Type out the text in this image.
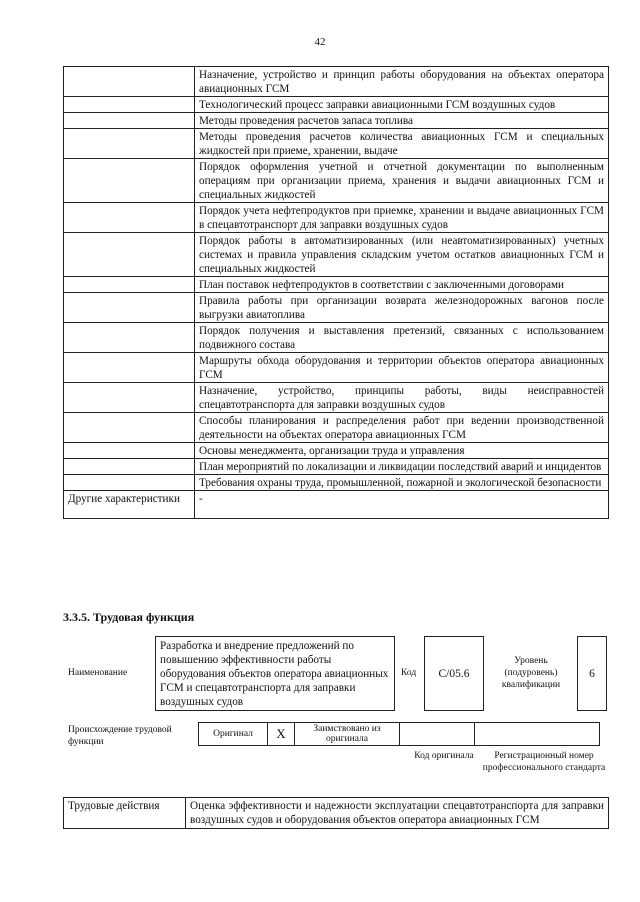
42
	Назначение, устройство и принцип работы оборудования на объектах оператора авиационных ГСМ
	Технологический процесс заправки авиационными ГСМ воздушных судов
	Методы проведения расчетов запаса топлива
	Методы проведения расчетов количества авиационных ГСМ и специальных жидкостей при приеме, хранении, выдаче
	Порядок оформления учетной и отчетной документации по выполненным операциям при организации приема, хранения и выдачи авиационных ГСМ и специальных жидкостей
	Порядок учета нефтепродуктов при приемке, хранении и выдаче авиационных ГСМ в спецавтотранспорт для заправки воздушных судов
	Порядок работы в автоматизированных (или неавтоматизированных) учетных системах и правила управления складским учетом остатков авиационных ГСМ и специальных жидкостей
	План поставок нефтепродуктов в соответствии с заключенными договорами
	Правила работы при организации возврата железнодорожных вагонов после выгрузки авиатоплива
	Порядок получения и выставления претензий, связанных с использованием подвижного состава
	Маршруты обхода оборудования и территории объектов оператора авиационных ГСМ
	Назначение, устройство, принципы работы, виды неисправностей спецавтотранспорта для заправки воздушных судов
	Способы планирования и распределения работ при ведении производственной деятельности на объектах оператора авиационных ГСМ
	Основы менеджмента, организации труда и управления
	План мероприятий по локализации и ликвидации последствий аварий и инцидентов
	Требования охраны труда, промышленной, пожарной и экологической безопасности
Другие характеристики	-
3.3.5. Трудовая функция
Наименование
Разработка и внедрение предложений по повышению эффективности работы оборудования объектов оператора авиационных ГСМ и спецавтотранспорта для заправки воздушных судов
Код	C/05.6
Уровень (подуровень) квалификации
6
Происхождение трудовой функции
Оригинал	X	Заимствовано из оригинала		
Код оригинала	Регистрационный номер профессионального стандарта
Трудовые действия	Оценка эффективности и надежности эксплуатации спецавтотранспорта для заправки воздушных судов и оборудования объектов оператора авиационных ГСМ
